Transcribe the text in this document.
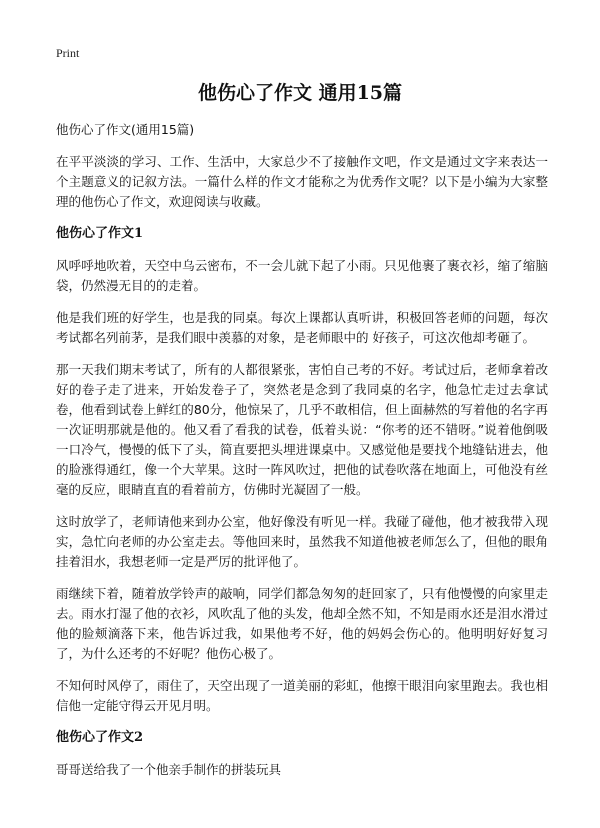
Print
他伤心了作文 通用15篇

他伤心了作文(通用15篇)

在平平淡淡的学习、工作、生活中，大家总少不了接触作文吧，作文是通过文字来表达一个主题意义的记叙方法。一篇什么样的作文才能称之为优秀作文呢？以下是小编为大家整理的他伤心了作文，欢迎阅读与收藏。

他伤心了作文1

风呼呼地吹着，天空中乌云密布，不一会儿就下起了小雨。只见他裹了裹衣衫，缩了缩脑袋，仍然漫无目的的走着。

他是我们班的好学生，也是我的同桌。每次上课都认真听讲，积极回答老师的问题，每次考试都名列前茅，是我们眼中羡慕的对象，是老师眼中的 好孩子，可这次他却考砸了。

那一天我们期末考试了，所有的人都很紧张，害怕自己考的不好。考试过后，老师拿着改好的卷子走了进来，开始发卷子了，突然老是念到了我同桌的名字，他急忙走过去拿试卷，他看到试卷上鲜红的80分，他惊呆了，几乎不敢相信，但上面赫然的写着他的名字再一次证明那就是他的。他又看了看我的试卷，低着头说：“你考的还不错呀。”说着他倒吸一口冷气，慢慢的低下了头，简直要把头埋进课桌中。又感觉他是要找个地缝钻进去，他的脸涨得通红，像一个大苹果。这时一阵风吹过，把他的试卷吹落在地面上，可他没有丝毫的反应，眼睛直直的看着前方，仿佛时光凝固了一般。

这时放学了，老师请他来到办公室，他好像没有听见一样。我碰了碰他，他才被我带入现实，急忙向老师的办公室走去。等他回来时，虽然我不知道他被老师怎么了，但他的眼角挂着泪水，我想老师一定是严厉的批评他了。

雨继续下着，随着放学铃声的敲响，同学们都急匆匆的赶回家了，只有他慢慢的向家里走去。雨水打湿了他的衣衫，风吹乱了他的头发，他却全然不知，不知是雨水还是泪水滑过他的脸颊滴落下来，他告诉过我，如果他考不好，他的妈妈会伤心的。他明明好好复习了，为什么还考的不好呢？他伤心极了。

不知何时风停了，雨住了，天空出现了一道美丽的彩虹，他擦干眼泪向家里跑去。我也相信他一定能守得云开见月明。

他伤心了作文2

哥哥送给我了一个他亲手制作的拼装玩具
